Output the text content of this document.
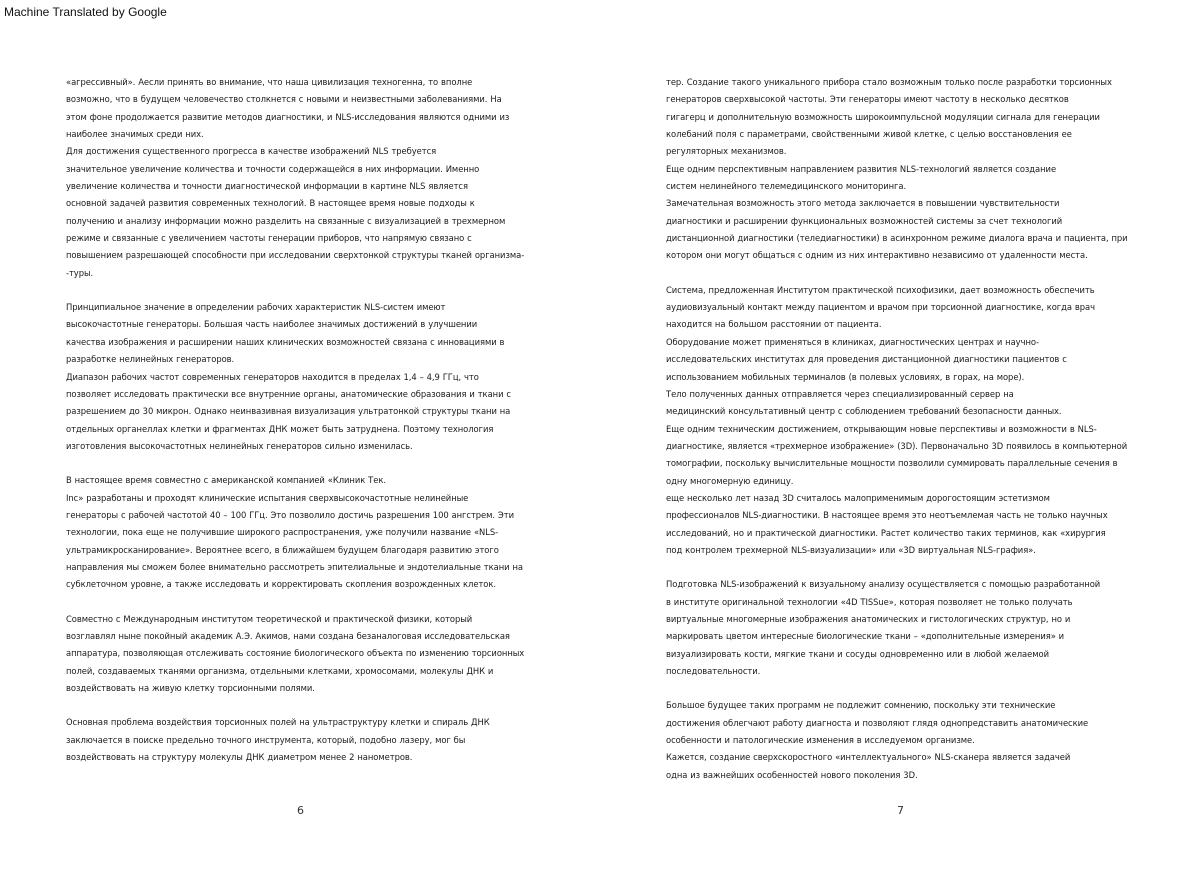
Machine Translated by Google

«агрессивный». Аесли принять во внимание, что наша цивилизация техногенна, то вполне
возможно, что в будущем человечество столкнется с новыми и неизвестными заболеваниями. На
этом фоне продолжается развитие методов диагностики, и NLS-исследования являются одними из
наиболее значимых среди них.

Для достижения существенного прогресса в качестве изображений NLS требуется
значительное увеличение количества и точности содержащейся в них информации. Именно
увеличение количества и точности диагностической информации в картине NLS является
основной задачей развития современных технологий. В настоящее время новые подходы к
получению и анализу информации можно разделить на связанные с визуализацией в трехмерном
режиме и связанные с увеличением частоты генерации приборов, что напрямую связано с
повышением разрешающей способности при исследовании сверхтонкой структуры тканей организма-
-туры.

Принципиальное значение в определении рабочих характеристик NLS-систем имеют
высокочастотные генераторы. Большая часть наиболее значимых достижений в улучшении
качества изображения и расширении наших клинических возможностей связана с инновациями в
разработке нелинейных генераторов.
Диапазон рабочих частот современных генераторов находится в пределах 1,4 – 4,9 ГГц, что
позволяет исследовать практически все внутренние органы, анатомические образования и ткани с
разрешением до 30 микрон. Однако неинвазивная визуализация ультратонкой структуры ткани на
отдельных органеллах клетки и фрагментах ДНК может быть затруднена. Поэтому технология
изготовления высокочастотных нелинейных генераторов сильно изменилась.

В настоящее время совместно с американской компанией «Клиник Тек.
Inc» разработаны и проходят клинические испытания сверхвысокочастотные нелинейные
генераторы с рабочей частотой 40 – 100 ГГц. Это позволило достичь разрешения 100 ангстрем. Эти
технологии, пока еще не получившие широкого распространения, уже получили название «NLS-
ультрамикросканирование». Вероятнее всего, в ближайшем будущем благодаря развитию этого
направления мы сможем более внимательно рассмотреть эпителиальные и эндотелиальные ткани на
субклеточном уровне, а также исследовать и корректировать скопления возрожденных клеток.

Совместно с Международным институтом теоретической и практической физики, который
возглавлял ныне покойный академик А.Э. Акимов, нами создана безаналоговая исследовательская
аппаратура, позволяющая отслеживать состояние биологического объекта по изменению торсионных
полей, создаваемых тканями организма, отдельными клетками, хромосомами, молекулы ДНК и
воздействовать на живую клетку торсионными полями.

Основная проблема воздействия торсионных полей на ультраструктуру клетки и спираль ДНК
заключается в поиске предельно точного инструмента, который, подобно лазеру, мог бы
воздействовать на структуру молекулы ДНК диаметром менее 2 нанометров.

6

тер. Создание такого уникального прибора стало возможным только после разработки торсионных
генераторов сверхвысокой частоты. Эти генераторы имеют частоту в несколько десятков
гигагерц и дополнительную возможность широкоимпульсной модуляции сигнала для генерации
колебаний поля с параметрами, свойственными живой клетке, с целью восстановления ее
регуляторных механизмов.

Еще одним перспективным направлением развития NLS-технологий является создание
систем нелинейного телемедицинского мониторинга.

Замечательная возможность этого метода заключается в повышении чувствительности
диагностики и расширении функциональных возможностей системы за счет технологий
дистанционной диагностики (теледиагностики) в асинхронном режиме диалога врача и пациента, при
котором они могут общаться с одним из них интерактивно независимо от удаленности места.

Система, предложенная Институтом практической психофизики, дает возможность обеспечить
аудиовизуальный контакт между пациентом и врачом при торсионной диагностике, когда врач
находится на большом расстоянии от пациента.

Оборудование может применяться в клиниках, диагностических центрах и научно-
исследовательских институтах для проведения дистанционной диагностики пациентов с
использованием мобильных терминалов (в полевых условиях, в горах, на море).

Тело полученных данных отправляется через специализированный сервер на
медицинский консультативный центр с соблюдением требований безопасности данных.

Еще одним техническим достижением, открывающим новые перспективы и возможности в NLS-
диагностике, является «трехмерное изображение» (3D). Первоначально 3D появилось в компьютерной
томографии, поскольку вычислительные мощности позволили суммировать параллельные сечения в
одну многомерную единицу.

еще несколько лет назад 3D считалось малоприменимым дорогостоящим эстетизмом
профессионалов NLS-диагностики. В настоящее время это неотъемлемая часть не только научных
исследований, но и практической диагностики. Растет количество таких терминов, как «хирургия
под контролем трехмерной NLS-визуализации» или «3D виртуальная NLS-графия».

Подготовка NLS-изображений к визуальному анализу осуществляется с помощью разработанной
в институте оригинальной технологии «4D TISSue», которая позволяет не только получать
виртуальные многомерные изображения анатомических и гистологических структур, но и
маркировать цветом интересные биологические ткани – «дополнительные измерения» и
визуализировать кости, мягкие ткани и сосуды одновременно или в любой желаемой последовательности.

Большое будущее таких программ не подлежит сомнению, поскольку эти технические
достижения облегчают работу диагноста и позволяют глядя однопредставить анатомические
особенности и патологические изменения в исследуемом организме.

Кажется, создание сверхскоростного «интеллектуального» NLS-сканера является задачей
одна из важнейших особенностей нового поколения 3D.

7
